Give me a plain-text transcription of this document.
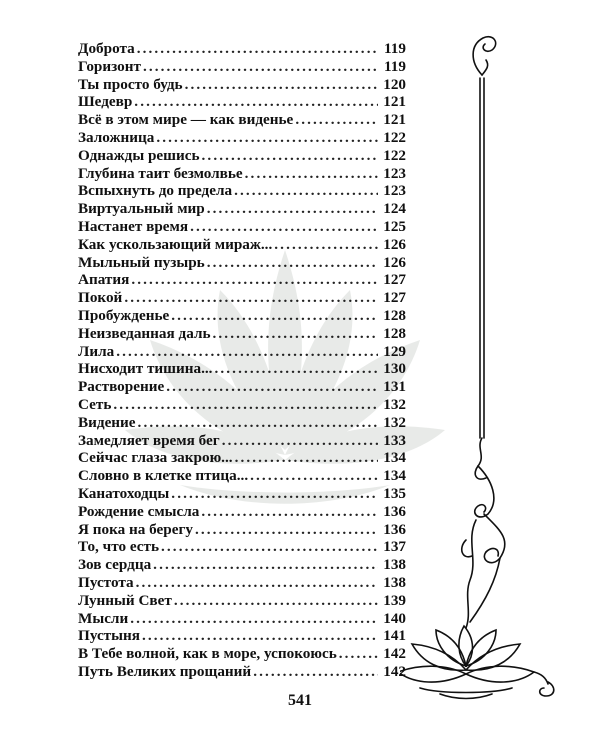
Доброта .....	119
Горизонт .....	119
Ты просто будь .....	120
Шедевр .....	121
Всё в этом мире — как виденье .....	121
Заложница .....	122
Однажды решись .....	122
Глубина таит безмолвье .....	123
Вспыхнуть до предела .....	123
Виртуальный мир .....	124
Настанет время .....	125
Как ускользающий мираж... .....	126
Мыльный пузырь .....	126
Апатия .....	127
Покой .....	127
Пробужденье .....	128
Неизведанная даль .....	128
Лила .....	129
Нисходит тишина... .....	130
Растворение .....	131
Сеть .....	132
Видение .....	132
Замедляет время бег .....	133
Сейчас глаза закрою... .....	134
Словно в клетке птица... .....	134
Канатоходцы .....	135
Рождение смысла .....	136
Я пока на берегу .....	136
То, что есть .....	137
Зов сердца .....	138
Пустота .....	138
Лунный Свет .....	139
Мысли .....	140
Пустыня .....	141
В Тебе волной, как в море, успокоюсь .....	142
Путь Великих прощаний .....	142
541
